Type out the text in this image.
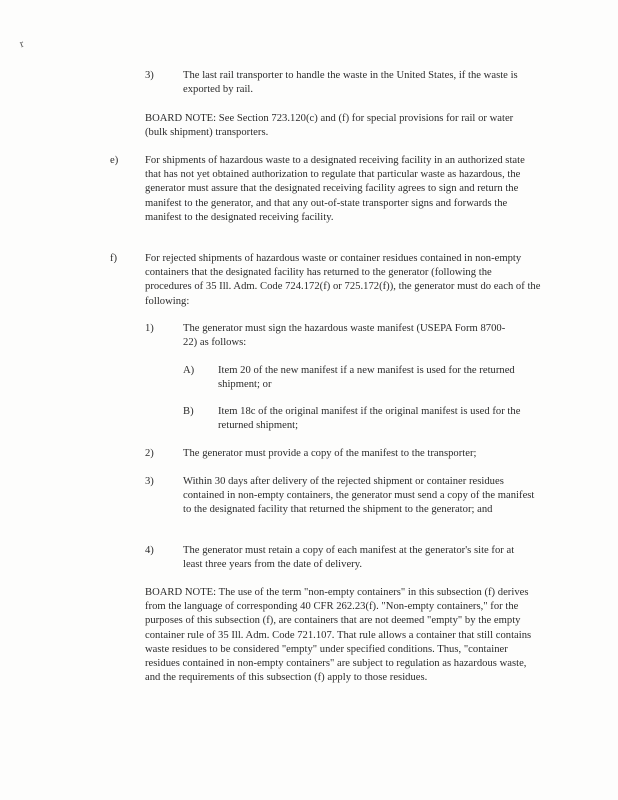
r
3)	The last rail transporter to handle the waste in the United States, if the waste is exported by rail.

BOARD NOTE: See Section 723.120(c) and (f) for special provisions for rail or water (bulk shipment) transporters.

e)	For shipments of hazardous waste to a designated receiving facility in an authorized state that has not yet obtained authorization to regulate that particular waste as hazardous, the generator must assure that the designated receiving facility agrees to sign and return the manifest to the generator, and that any out-of-state transporter signs and forwards the manifest to the designated receiving facility.

f)	For rejected shipments of hazardous waste or container residues contained in non-empty containers that the designated facility has returned to the generator (following the procedures of 35 Ill. Adm. Code 724.172(f) or 725.172(f)), the generator must do each of the following:

1)	The generator must sign the hazardous waste manifest (USEPA Form 8700-22) as follows:

A) Item 20 of the new manifest if a new manifest is used for the returned shipment; or

B) Item 18c of the original manifest if the original manifest is used for the returned shipment;

2)	The generator must provide a copy of the manifest to the transporter;

3)	Within 30 days after delivery of the rejected shipment or container residues contained in non-empty containers, the generator must send a copy of the manifest to the designated facility that returned the shipment to the generator; and

4)	The generator must retain a copy of each manifest at the generator's site for at least three years from the date of delivery.

BOARD NOTE: The use of the term "non-empty containers" in this subsection (f) derives from the language of corresponding 40 CFR 262.23(f). "Non-empty containers," for the purposes of this subsection (f), are containers that are not deemed "empty" by the empty container rule of 35 Ill. Adm. Code 721.107. That rule allows a container that still contains waste residues to be considered "empty" under specified conditions. Thus, "container residues contained in non-empty containers" are subject to regulation as hazardous waste, and the requirements of this subsection (f) apply to those residues.
